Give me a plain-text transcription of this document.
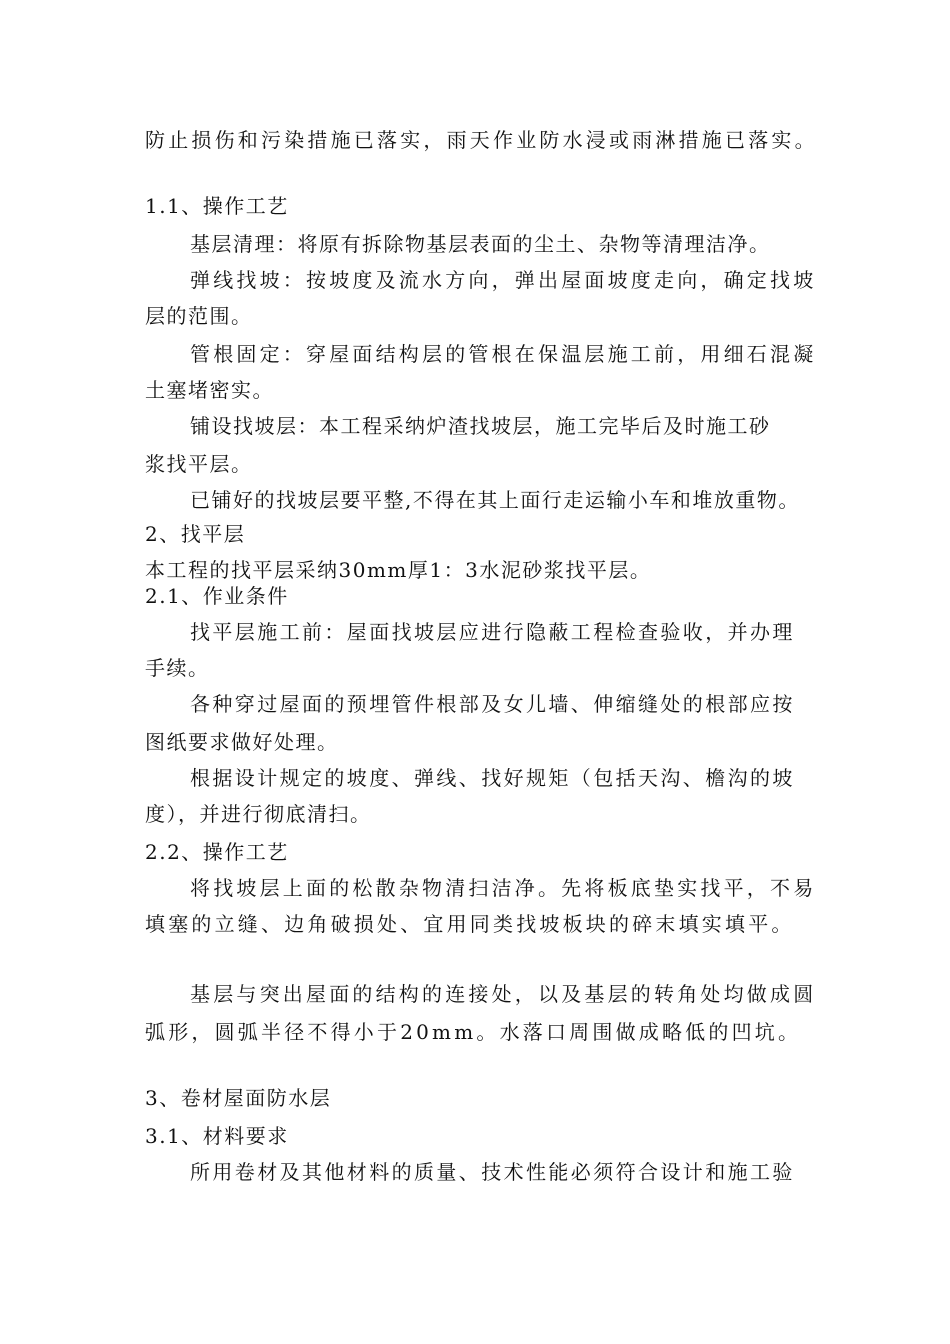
防止损伤和污染措施已落实，雨天作业防水浸或雨淋措施已落实。
1.1、操作工艺
基层清理：将原有拆除物基层表面的尘土、杂物等清理洁净。
弹线找坡：按坡度及流水方向，弹出屋面坡度走向，确定找坡
层的范围。
管根固定：穿屋面结构层的管根在保温层施工前，用细石混凝
土塞堵密实。
铺设找坡层：本工程采纳炉渣找坡层，施工完毕后及时施工砂
浆找平层。
已铺好的找坡层要平整,不得在其上面行走运输小车和堆放重物。
2、找平层
本工程的找平层采纳30mm厚1：3水泥砂浆找平层。
2.1、作业条件
找平层施工前：屋面找坡层应进行隐蔽工程检查验收，并办理
手续。
各种穿过屋面的预埋管件根部及女儿墙、伸缩缝处的根部应按
图纸要求做好处理。
根据设计规定的坡度、弹线、找好规矩（包括天沟、檐沟的坡
度），并进行彻底清扫。
2.2、操作工艺
将找坡层上面的松散杂物清扫洁净。先将板底垫实找平，不易
填塞的立缝、边角破损处、宜用同类找坡板块的碎末填实填平。
基层与突出屋面的结构的连接处，以及基层的转角处均做成圆
弧形，圆弧半径不得小于20mm。水落口周围做成略低的凹坑。
3、卷材屋面防水层
3.1、材料要求
所用卷材及其他材料的质量、技术性能必须符合设计和施工验
